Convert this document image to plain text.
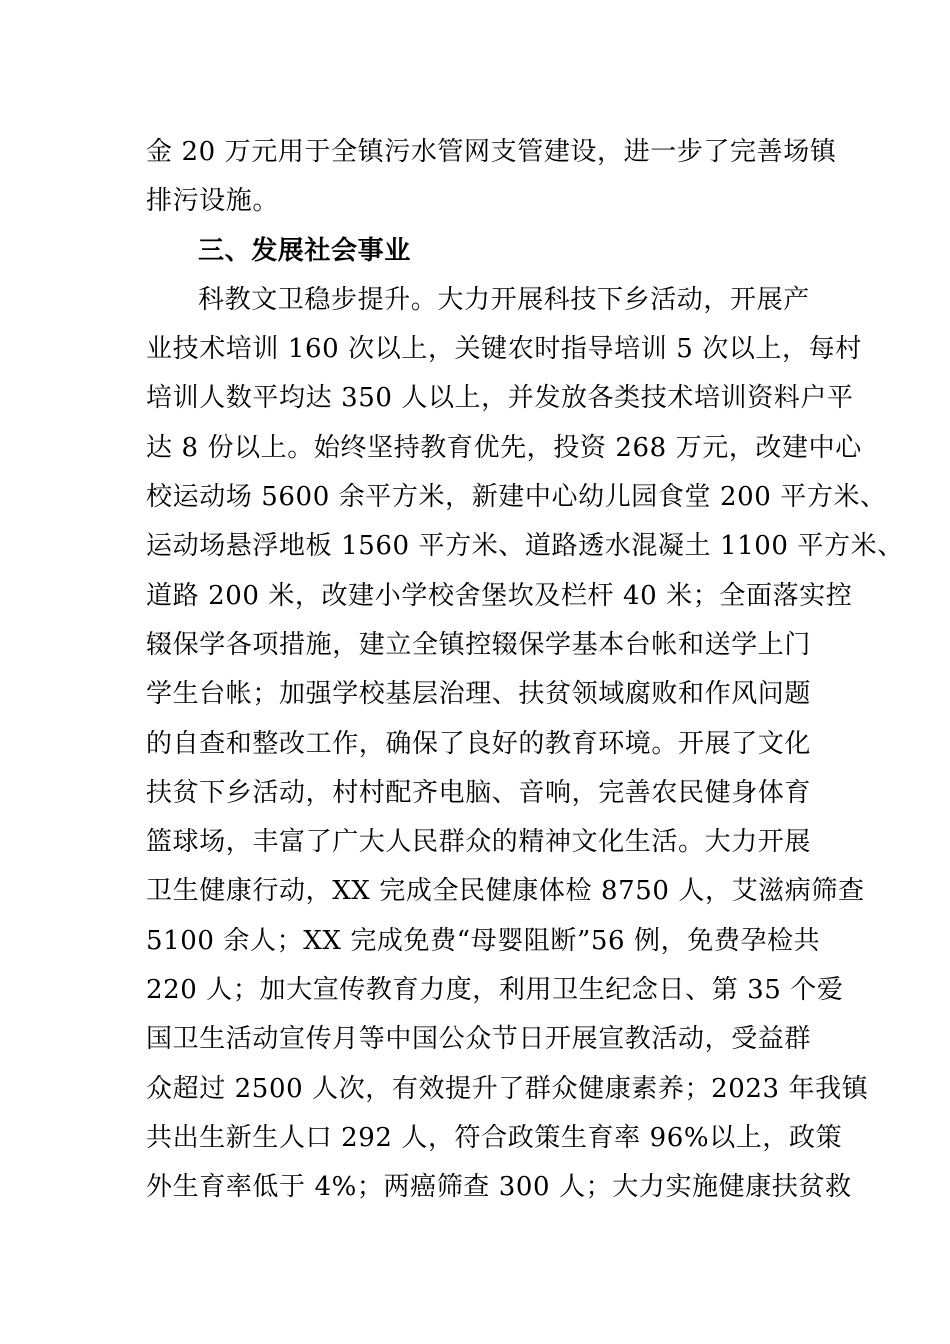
金 20 万元用于全镇污水管网支管建设，进一步了完善场镇
排污设施。
三、发展社会事业
科教文卫稳步提升。大力开展科技下乡活动，开展产
业技术培训 160 次以上，关键农时指导培训 5 次以上，每村
培训人数平均达 350 人以上，并发放各类技术培训资料户平
达 8 份以上。始终坚持教育优先，投资 268 万元，改建中心
校运动场 5600 余平方米，新建中心幼儿园食堂 200 平方米、
运动场悬浮地板 1560 平方米、道路透水混凝土 1100 平方米、
道路 200 米，改建小学校舍堡坎及栏杆 40 米；全面落实控
辍保学各项措施，建立全镇控辍保学基本台帐和送学上门
学生台帐；加强学校基层治理、扶贫领域腐败和作风问题
的自查和整改工作，确保了良好的教育环境。开展了文化
扶贫下乡活动，村村配齐电脑、音响，完善农民健身体育
篮球场，丰富了广大人民群众的精神文化生活。大力开展
卫生健康行动，XX 完成全民健康体检 8750 人，艾滋病筛查
5100 余人；XX 完成免费“母婴阻断”56 例，免费孕检共
220 人；加大宣传教育力度，利用卫生纪念日、第 35 个爱
国卫生活动宣传月等中国公众节日开展宣教活动，受益群
众超过 2500 人次，有效提升了群众健康素养；2023 年我镇
共出生新生人口 292 人，符合政策生育率 96%以上，政策
外生育率低于 4%；两癌筛查 300 人；大力实施健康扶贫救
